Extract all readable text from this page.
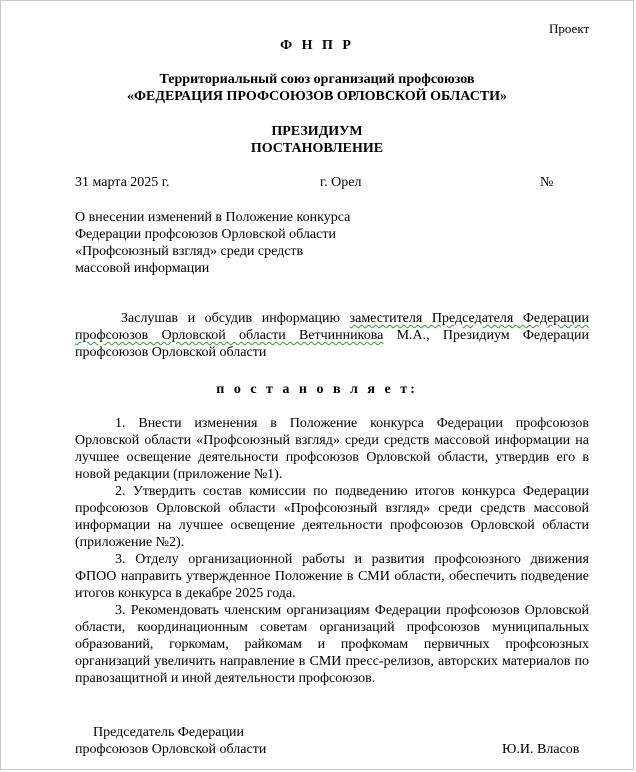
Проект
Ф Н П Р
Территориальный союз организаций профсоюзов
«ФЕДЕРАЦИЯ ПРОФСОЮЗОВ ОРЛОВСКОЙ ОБЛАСТИ»
ПРЕЗИДИУМ
ПОСТАНОВЛЕНИЕ
31 марта 2025 г.	г. Орел	№
О внесении изменений в Положение конкурса
Федерации профсоюзов Орловской области
«Профсоюзный взгляд» среди средств
массовой информации
Заслушав и обсудив информацию заместителя Председателя Федерации профсоюзов Орловской области Ветчинникова М.А., Президиум Федерации профсоюзов Орловской области
п о с т а н о в л я е т:

1. Внести изменения в Положение конкурса Федерации профсоюзов Орловской области «Профсоюзный взгляд» среди средств массовой информации на лучшее освещение деятельности профсоюзов Орловской области, утвердив его в новой редакции (приложение №1).

2. Утвердить состав комиссии по подведению итогов конкурса Федерации профсоюзов Орловской области «Профсоюзный взгляд» среди средств массовой информации на лучшее освещение деятельности профсоюзов Орловской области (приложение №2).

3. Отделу организационной работы и развития профсоюзного движения ФПОО направить утвержденное Положение в СМИ области, обеспечить подведение итогов конкурса в декабре 2025 года.

3. Рекомендовать членским организациям Федерации профсоюзов Орловской области, координационным советам организаций профсоюзов муниципальных образований, горкомам, райкомам и профкомам первичных профсоюзных организаций увеличить направление в СМИ пресс-релизов, авторских материалов по правозащитной и иной деятельности профсоюзов.

Председатель Федерации
профсоюзов Орловской области	Ю.И. Власов
